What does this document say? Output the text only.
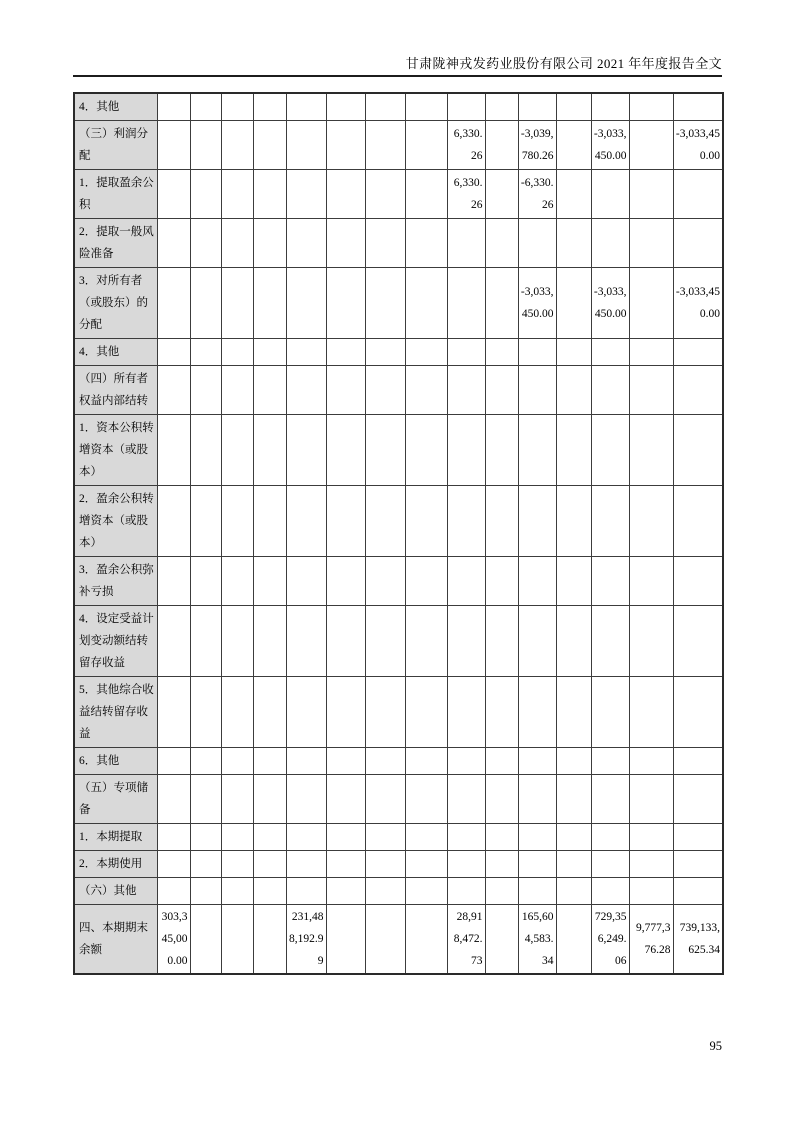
甘肃陇神戎发药业股份有限公司 2021 年年度报告全文
4．其他															
（三）利润分配									6,330.26		-3,039,780.26		-3,033,450.00		-3,033,450.00
1．提取盈余公积									6,330.26		-6,330.26				
2．提取一般风险准备															
3．对所有者（或股东）的分配											-3,033,450.00		-3,033,450.00		-3,033,450.00
4．其他															
（四）所有者权益内部结转															
1．资本公积转增资本（或股本）															
2．盈余公积转增资本（或股本）															
3．盈余公积弥补亏损															
4．设定受益计划变动额结转留存收益															
5．其他综合收益结转留存收益															
6．其他															
（五）专项储备															
1．本期提取															
2．本期使用															
（六）其他															
四、本期期末余额	303,345,000.00				231,488,192.99				28,918,472.73		165,604,583.34		729,356,249.06	9,777,376.28	739,133,625.34
95
